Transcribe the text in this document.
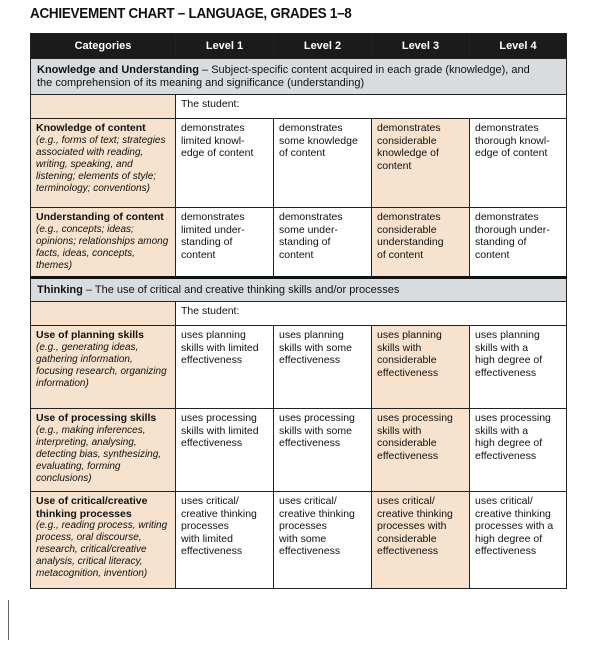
ACHIEVEMENT CHART – LANGUAGE, GRADES 1–8
Categories	Level 1	Level 2	Level 3	Level 4
Knowledge and Understanding – Subject-specific content acquired in each grade (knowledge), and
the comprehension of its meaning and significance (understanding)				
	The student:			
Knowledge of content
(e.g., forms of text; strategies associated with reading, writing, speaking, and listening; elements of style; terminology; conventions)	demonstrates
limited knowl-
edge of content	demonstrates
some knowledge
of content	demonstrates
considerable
knowledge of
content	demonstrates
thorough knowl-
edge of content
Understanding of content
(e.g., concepts; ideas; opinions; relationships among facts, ideas, concepts, themes)	demonstrates
limited under-
standing of
content	demonstrates
some under-
standing of
content	demonstrates
considerable
understanding
of content	demonstrates
thorough under-
standing of
content
Thinking – The use of critical and creative thinking skills and/or processes				
	The student:			
Use of planning skills
(e.g., generating ideas, gathering information, focusing research, organizing information)	uses planning
skills with limited
effectiveness	uses planning
skills with some
effectiveness	uses planning
skills with
considerable
effectiveness	uses planning
skills with a
high degree of
effectiveness
Use of processing skills
(e.g., making inferences, interpreting, analysing, detecting bias, synthesizing, evaluating, forming conclusions)	uses processing
skills with limited
effectiveness	uses processing
skills with some
effectiveness	uses processing
skills with
considerable
effectiveness	uses processing
skills with a
high degree of
effectiveness
Use of critical/creative thinking processes
(e.g., reading process, writing process, oral discourse, research, critical/creative analysis, critical literacy, metacognition, invention)	uses critical/
creative thinking
processes
with limited
effectiveness	uses critical/
creative thinking
processes
with some
effectiveness	uses critical/
creative thinking
processes with
considerable
effectiveness	uses critical/
creative thinking
processes with a
high degree of
effectiveness
